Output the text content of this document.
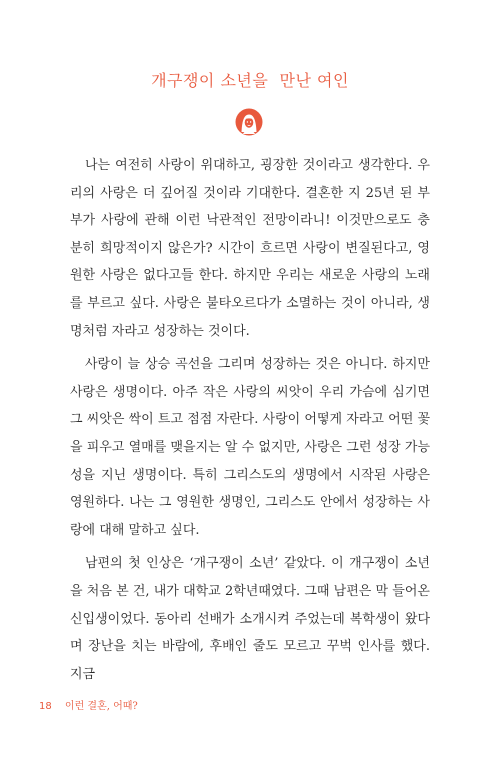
개구쟁이 소년을  만난 여인

나는 여전히 사랑이 위대하고, 굉장한 것이라고 생각한다. 우리의 사랑은 더 깊어질 것이라 기대한다. 결혼한 지 25년 된 부부가 사랑에 관해 이런 낙관적인 전망이라니! 이것만으로도 충분히 희망적이지 않은가? 시간이 흐르면 사랑이 변질된다고, 영원한 사랑은 없다고들 한다. 하지만 우리는 새로운 사랑의 노래를 부르고 싶다. 사랑은 불타오르다가 소멸하는 것이 아니라, 생명처럼 자라고 성장하는 것이다.

사랑이 늘 상승 곡선을 그리며 성장하는 것은 아니다. 하지만 사랑은 생명이다. 아주 작은 사랑의 씨앗이 우리 가슴에 심기면 그 씨앗은 싹이 트고 점점 자란다. 사랑이 어떻게 자라고 어떤 꽃을 피우고 열매를 맺을지는 알 수 없지만, 사랑은 그런 성장 가능성을 지닌 생명이다. 특히 그리스도의 생명에서 시작된 사랑은 영원하다. 나는 그 영원한 생명인, 그리스도 안에서 성장하는 사랑에 대해 말하고 싶다.

남편의 첫 인상은 ‘개구쟁이 소년’ 같았다. 이 개구쟁이 소년을 처음 본 건, 내가 대학교 2학년때였다. 그때 남편은 막 들어온 신입생이었다. 동아리 선배가 소개시켜 주었는데 복학생이 왔다며 장난을 치는 바람에, 후배인 줄도 모르고 꾸벅 인사를 했다. 지금

18 이런 결혼, 어때?
